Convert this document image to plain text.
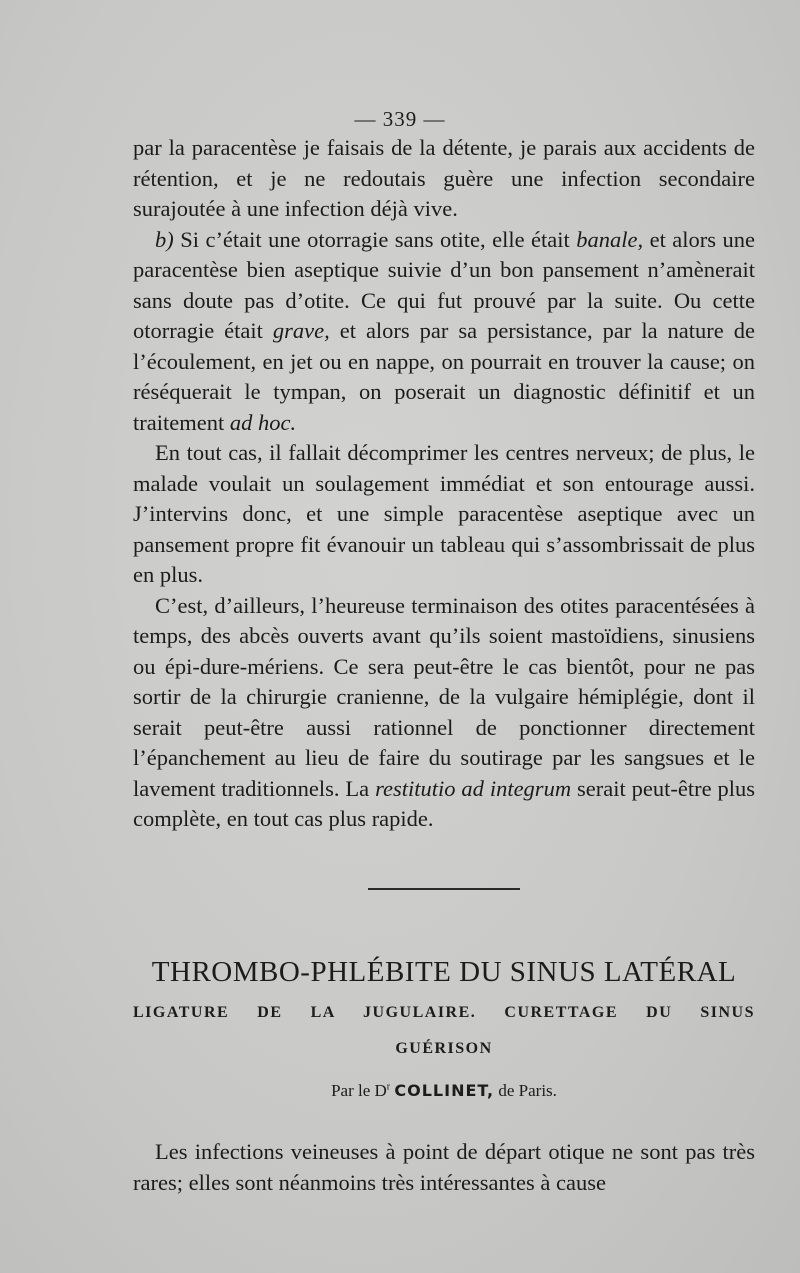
— 339 —

par la paracentèse je faisais de la détente, je parais aux accidents de rétention, et je ne redoutais guère une infection secondaire surajoutée à une infection déjà vive.

b) Si c’était une otorragie sans otite, elle était banale, et alors une paracentèse bien aseptique suivie d’un bon pansement n’amènerait sans doute pas d’otite. Ce qui fut prouvé par la suite. Ou cette otorragie était grave, et alors par sa persistance, par la nature de l’écoulement, en jet ou en nappe, on pourrait en trouver la cause; on réséquerait le tympan, on poserait un diagnostic définitif et un traitement ad hoc.

En tout cas, il fallait décomprimer les centres nerveux; de plus, le malade voulait un soulagement immédiat et son entourage aussi. J’intervins donc, et une simple paracentèse aseptique avec un pansement propre fit évanouir un tableau qui s’assombrissait de plus en plus.

C’est, d’ailleurs, l’heureuse terminaison des otites paracentésées à temps, des abcès ouverts avant qu’ils soient mastoïdiens, sinusiens ou épi-dure-mériens. Ce sera peut-être le cas bientôt, pour ne pas sortir de la chirurgie cranienne, de la vulgaire hémiplégie, dont il serait peut-être aussi rationnel de ponctionner directement l’épanchement au lieu de faire du soutirage par les sangsues et le lavement traditionnels. La restitutio ad integrum serait peut-être plus complète, en tout cas plus rapide.

THROMBO-PHLÉBITE DU SINUS LATÉRAL
LIGATURE DE LA JUGULAIRE. CURETTAGE DU SINUS
GUÉRISON
Par le $D^r$ COLLINET, de Paris.

Les infections veineuses à point de départ otique ne sont pas très rares; elles sont néanmoins très intéressantes à cause
